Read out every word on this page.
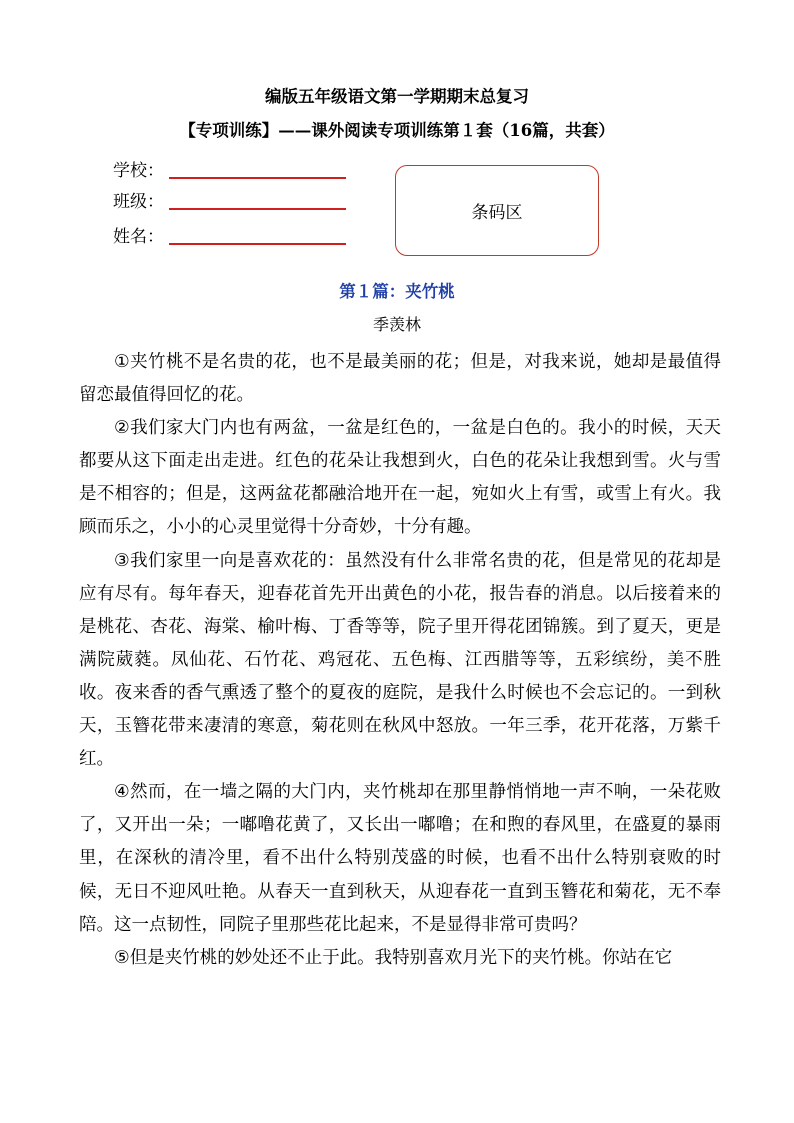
编版五年级语文第一学期期末总复习
【专项训练】——课外阅读专项训练第１套（16篇，共套）
学校：
班级：
姓名：
条码区
第１篇：夹竹桃
季羡林

①夹竹桃不是名贵的花，也不是最美丽的花；但是，对我来说，她却是最值得留恋最值得回忆的花。

②我们家大门内也有两盆，一盆是红色的，一盆是白色的。我小的时候，天天都要从这下面走出走进。红色的花朵让我想到火，白色的花朵让我想到雪。火与雪是不相容的；但是，这两盆花都融洽地开在一起，宛如火上有雪，或雪上有火。我顾而乐之，小小的心灵里觉得十分奇妙，十分有趣。

③我们家里一向是喜欢花的：虽然没有什么非常名贵的花，但是常见的花却是应有尽有。每年春天，迎春花首先开出黄色的小花，报告春的消息。以后接着来的是桃花、杏花、海棠、榆叶梅、丁香等等，院子里开得花团锦簇。到了夏天，更是满院葳蕤。凤仙花、石竹花、鸡冠花、五色梅、江西腊等等，五彩缤纷，美不胜收。夜来香的香气熏透了整个的夏夜的庭院，是我什么时候也不会忘记的。一到秋天，玉簪花带来凄清的寒意，菊花则在秋风中怒放。一年三季，花开花落，万紫千红。

④然而，在一墙之隔的大门内，夹竹桃却在那里静悄悄地一声不响，一朵花败了，又开出一朵；一嘟噜花黄了，又长出一嘟噜；在和煦的春风里，在盛夏的暴雨里，在深秋的清冷里，看不出什么特别茂盛的时候，也看不出什么特别衰败的时候，无日不迎风吐艳。从春天一直到秋天，从迎春花一直到玉簪花和菊花，无不奉陪。这一点韧性，同院子里那些花比起来，不是显得非常可贵吗？

⑤但是夹竹桃的妙处还不止于此。我特别喜欢月光下的夹竹桃。你站在它
